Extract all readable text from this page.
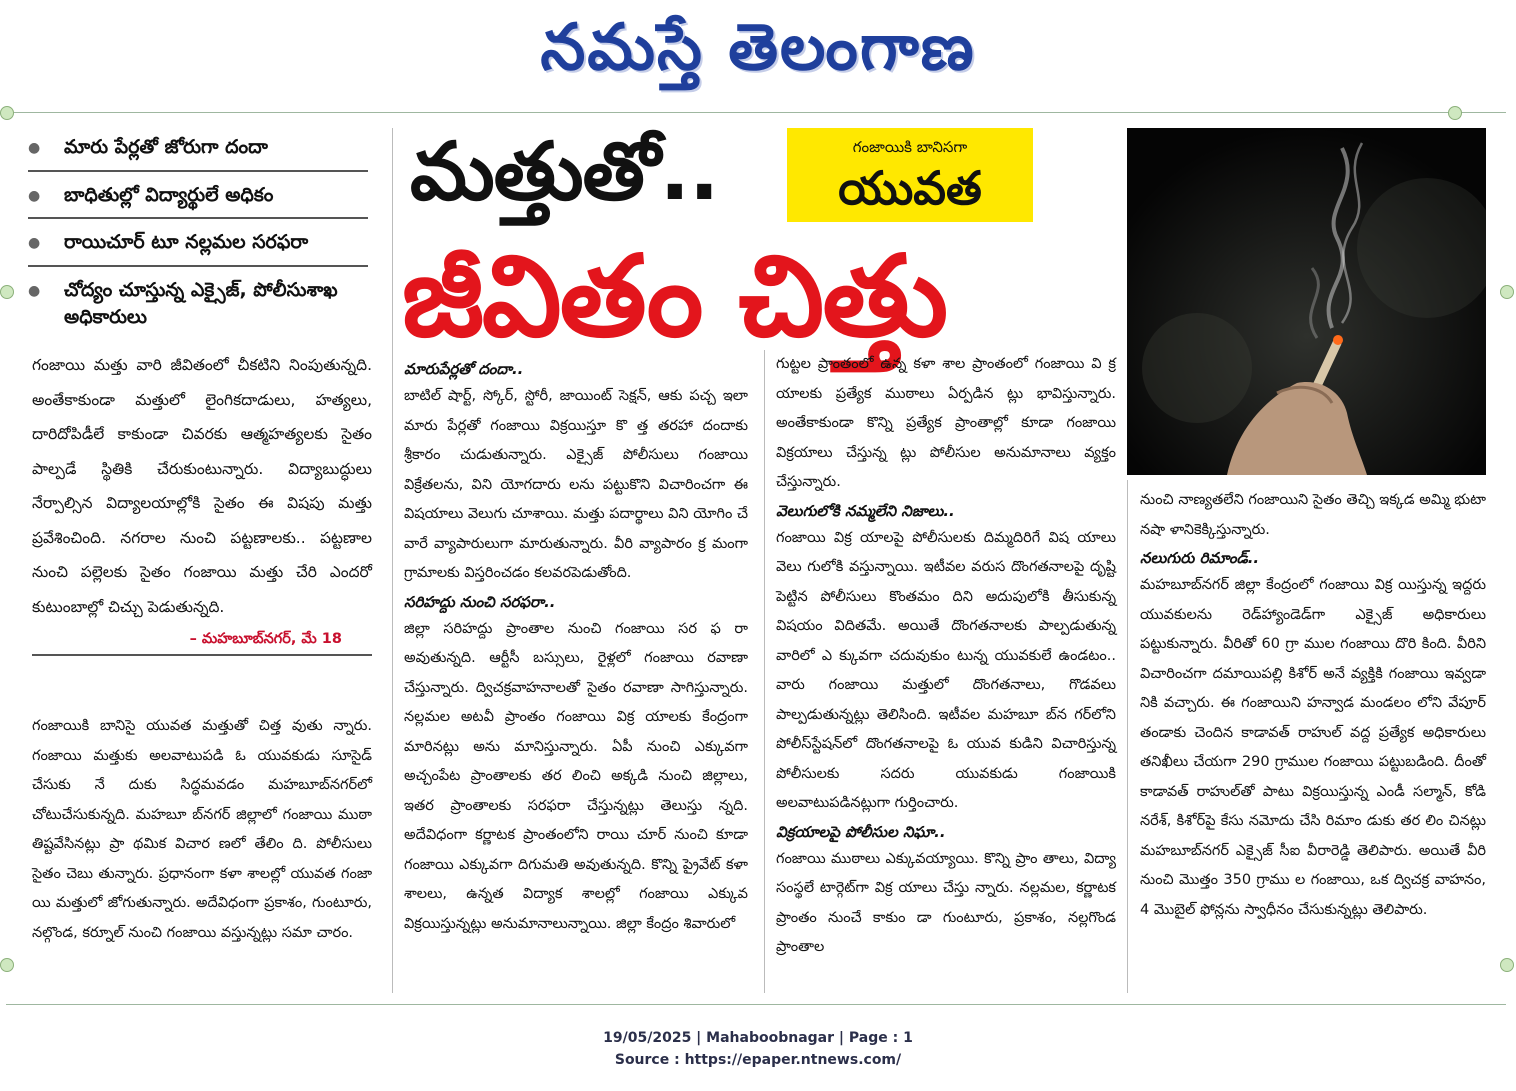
నమస్తే తెలంగాణ
●	మారు పేర్లతో జోరుగా దందా
●	బాధితుల్లో విద్యార్థులే అధికం
●	రాయిచూర్ టూ నల్లమల సరఫరా
●	చోద్యం చూస్తున్న ఎక్సైజ్, పోలీసుశాఖ అధికారులు
మత్తుతో..	గంజాయికి బానిసగా
యువత
జీవితం చిత్తు

గంజాయి మత్తు వారి జీవితంలో చీకటిని నింపుతున్నది. అంతేకాకుండా మత్తులో లైంగికదాడులు, హత్యలు, దారిదోపిడీలే కాకుండా చివరకు ఆత్మహత్యలకు సైతం పాల్పడే స్థితికి చేరుకుంటున్నారు. విద్యాబుద్ధులు నేర్పాల్సిన విద్యాలయాల్లోకి సైతం ఈ విషపు మత్తు ప్రవేశించింది. నగరాల నుంచి పట్టణాలకు.. పట్టణాల నుంచి పల్లెలకు సైతం గంజాయి మత్తు చేరి ఎందరో కుటుంబాల్లో చిచ్చు పెడుతున్నది.

– మహబూబ్‌నగర్, మే 18

గంజాయికి బానిసై యువత మత్తుతో చిత్త వుతు న్నారు. గంజాయి మత్తుకు అలవాటుపడి ఓ యువకుడు సూసైడ్ చేసుకు నే దుకు సిద్ధమవడం మహబూబ్‌నగర్‌లో చోటుచేసుకున్నది. మహబూ బ్‌నగర్ జిల్లాలో గంజాయి ముఠా తిష్టవేసినట్లు ప్రా థమిక విచార ణలో తేలిం ది. పోలీసులు సైతం చెబు తున్నారు. ప్రధానంగా కళా శాలల్లో యువత గంజా యి మత్తులో జోగుతున్నారు. అదేవిధంగా ప్రకాశం, గుంటూరు, నల్గొండ, కర్నూల్ నుంచి గంజాయి వస్తున్నట్లు సమా చారం.

మారుపేర్లతో దందా..

బాటిల్ షార్ట్, స్కోర్, స్టోరీ, జాయింట్ సెక్షన్, ఆకు పచ్చ ఇలా మారు పేర్లతో గంజాయి విక్రయిస్తూ కొ త్త తరహా దందాకు శ్రీకారం చుడుతున్నారు. ఎక్సైజ్ పోలీసులు గంజాయి విక్రేతలను, విని యోగదారు లను పట్టుకొని విచారించగా ఈ విషయాలు వెలుగు చూశాయి. మత్తు పదార్థాలు విని యోగిం చే వారే వ్యాపారులుగా మారుతున్నారు. వీరి వ్యాపారం క్ర మంగా గ్రామాలకు విస్తరించడం కలవరపెడుతోంది.

సరిహద్దు నుంచి సరఫరా..

జిల్లా సరిహద్దు ప్రాంతాల నుంచి గంజాయి సర ఫ రా అవుతున్నది. ఆర్టీసీ బస్సులు, రైళ్లలో గంజాయి రవాణా చేస్తున్నారు. ద్విచక్రవాహనాలతో సైతం రవాణా సాగిస్తున్నారు. నల్లమల అటవీ ప్రాంతం గంజాయి విక్ర యాలకు కేంద్రంగా మారినట్లు అను మానిస్తున్నారు. ఏపీ నుంచి ఎక్కువగా అచ్చంపేట ప్రాంతాలకు తర లించి అక్కడి నుంచి జిల్లాలు, ఇతర ప్రాంతాలకు సరఫరా చేస్తున్నట్లు తెలుస్తు న్నది. అదేవిధంగా కర్ణాటక ప్రాంతంలోని రాయి చూర్ నుంచి కూడా గంజాయి ఎక్కువగా దిగుమతి అవుతున్నది. కొన్ని ప్రైవేట్ కళా శాలలు, ఉన్నత విద్యాక శాలల్లో గంజాయి ఎక్కువ విక్రయిస్తున్నట్లు అనుమానాలున్నాయి. జిల్లా కేంద్రం శివారులో

గుట్టల ప్రాంతంలో ఉన్న కళా శాల ప్రాంతంలో గంజాయి వి క్ర యాలకు ప్రత్యేక ముఠాలు ఏర్పడిన ట్లు భావిస్తున్నారు. అంతేకాకుండా కొన్ని ప్రత్యేక ప్రాంతాల్లో కూడా గంజాయి విక్రయాలు చేస్తున్న ట్లు పోలీసుల అనుమానాలు వ్యక్తం చేస్తున్నారు.

వెలుగులోకి నమ్మలేని నిజాలు..

గంజాయి విక్ర యాలపై పోలీసులకు దిమ్మదిరిగే విష యాలు వెలు గులోకి వస్తున్నాయి. ఇటీవల వరుస దొంగతనాలపై దృష్టి పెట్టిన పోలీసులు కొంతమం దిని అదుపులోకి తీసుకున్న విషయం విదితమే. అయితే దొంగతనాలకు పాల్పడుతున్న వారిలో ఎ క్కువగా చదువుకుం టున్న యువకులే ఉండటం.. వారు గంజాయి మత్తులో దొంగతనాలు, గొడవలు పాల్పడుతున్నట్లు తెలిసింది. ఇటీవల మహబూ బ్‌న గర్‌లోని పోలీస్‌స్టేషన్‌లో దొంగతనాలపై ఓ యువ కుడిని విచారిస్తున్న పోలీసులకు సదరు యువకుడు గంజాయికి అలవాటుపడినట్లుగా గుర్తించారు.

విక్రయాలపై పోలీసుల నిఘా..

గంజాయి ముఠాలు ఎక్కువయ్యాయి. కొన్ని ప్రాం తాలు, విద్యా సంస్థలే టార్గెట్‌గా విక్ర యాలు చేస్తు న్నారు. నల్లమల, కర్ణాటక ప్రాంతం నుంచే కాకుం డా గుంటూరు, ప్రకాశం, నల్లగొండ ప్రాంతాల

నుంచి నాణ్యతలేని గంజాయిని సైతం తెచ్చి ఇక్కడ అమ్మి భుటా నషా ళానికెక్కిస్తున్నారు.

నలుగురు రిమాండ్..

మహబూబ్‌నగర్ జిల్లా కేంద్రంలో గంజాయి విక్ర యిస్తున్న ఇద్దరు యువకులను రెడ్‌హ్యాండెడ్‌గా ఎక్సైజ్ అధికారులు పట్టుకున్నారు. వీరితో 60 గ్రా ముల గంజాయి దొరి కింది. వీరిని విచారించగా దమాయిపల్లి కిశోర్ అనే వ్యక్తికి గంజాయి ఇవ్వడా నికి వచ్చారు. ఈ గంజాయిని హన్వాడ మండలం లోని వేపూర్ తండాకు చెందిన కాడావత్ రాహుల్ వద్ద ప్రత్యేక అధికారులు తనిఖీలు చేయగా 290 గ్రాముల గంజాయి పట్టుబడింది. దీంతో కాడావత్ రాహుల్‌తో పాటు విక్రయిస్తున్న ఎండీ సల్మాన్, కోడి నరేశ్, కిశోర్‌పై కేసు నమోదు చేసి రిమాం డుకు తర లిం చినట్లు మహబూబ్‌నగర్ ఎక్సైజ్ సీఐ వీరారెడ్డి తెలిపారు. అయితే వీరి నుంచి మొత్తం 350 గ్రాము ల గంజాయి, ఒక ద్విచక్ర వాహనం, 4 మొబైల్ ఫోన్లను స్వాధీనం చేసుకున్నట్లు తెలిపారు.

19/05/2025 | Mahaboobnagar | Page : 1
Source : https://epaper.ntnews.com/
